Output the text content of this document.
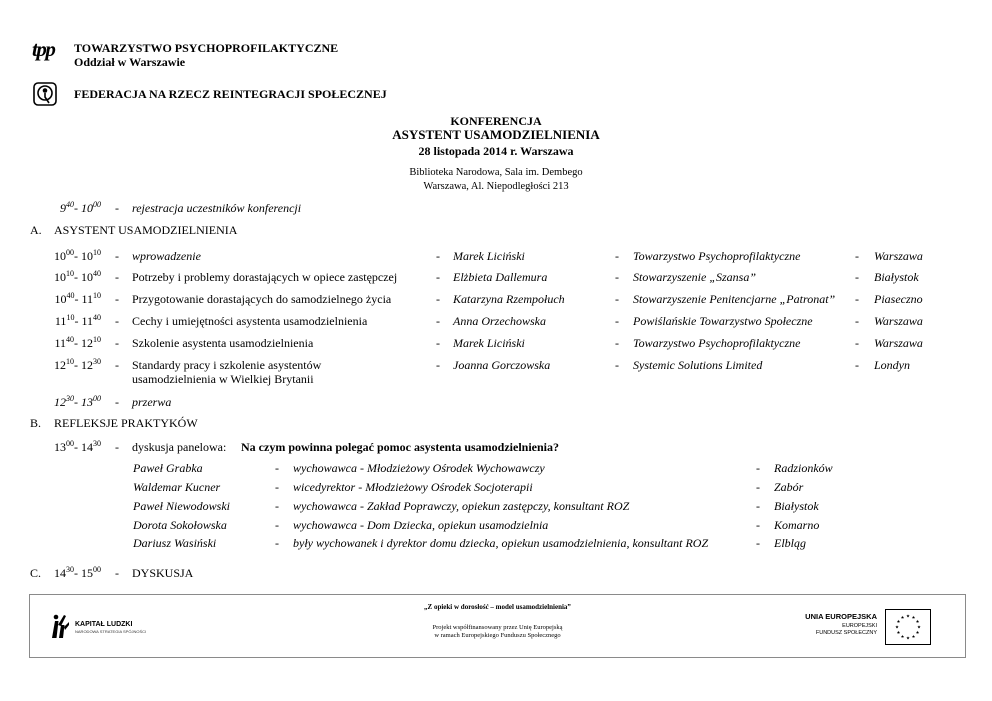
tpp	TOWARZYSTWO PSYCHOPROFILAKTYCZNE
Oddział w Warszawie
FEDERACJA NA RZECZ REINTEGRACJI SPOŁECZNEJ
KONFERENCJA
ASYSTENT USAMODZIELNIENIA
28 listopada 2014 r. Warszawa
Biblioteka Narodowa, Sala im. Dembego
Warszawa, Al. Niepodległości 213
$9^{40}-$ $10^{00}$ - rejestracja uczestników konferencji
A. ASYSTENT USAMODZIELNIENIA
$10^{00}-$ $10^{10}$ - wprowadzenie	- Marek Liciński	- Towarzystwo Psychoprofilaktyczne	- Warszawa
$10^{10}-$ $10^{40}$ - Potrzeby i problemy dorastających w opiece zastępczej	- Elżbieta Dallemura	- Stowarzyszenie „Szansa”	- Białystok
$10^{40}-$ $11^{10}$ - Przygotowanie dorastających do samodzielnego życia	- Katarzyna Rzempołuch	- Stowarzyszenie Penitencjarne „Patronat” - Piaseczno
$11^{10}-$ $11^{40}$ - Cechy i umiejętności asystenta usamodzielnienia	- Anna Orzechowska	- Powiślańskie Towarzystwo Społeczne	- Warszawa
$11^{40}-$ $12^{10}$ - Szkolenie asystenta usamodzielnienia	- Marek Liciński	- Towarzystwo Psychoprofilaktyczne	- Warszawa
$12^{10}-$ $12^{30}$ - Standardy pracy i szkolenie asystentów usamodzielnienia w Wielkiej Brytanii
- Joanna Gorczowska	- Systemic Solutions Limited	- Londyn
$12^{30}-$ $13^{00}$ - przerwa
B. REFLEKSJE PRAKTYKÓW
$13^{00}-$ $14^{30}$ - dyskusja panelowa: Na czym powinna polegać pomoc asystenta usamodzielnienia?
Paweł Grabka	- wychowawca - Młodzieżowy Ośrodek Wychowawczy	- Radzionków
Waldemar Kucner	- wicedyrektor - Młodzieżowy Ośrodek Socjoterapii	- Zabór
Paweł Niewodowski	- wychowawca - Zakład Poprawczy, opiekun zastępczy, konsultant ROZ	- Białystok
Dorota Sokołowska	- wychowawca - Dom Dziecka, opiekun usamodzielnia	- Komarno
Dariusz Wasiński	- były wychowanek i dyrektor domu dziecka, opiekun usamodzielnienia, konsultant ROZ	- Elbląg
C.	$14^{30}-$ $15^{00}$ - DYSKUSJA
KAPITAŁ LUDZKI
NARODOWA STRATEGIA SPÓJNOŚCI
„Z opieki w dorosłość – model usamodzielnienia”
Projekt współfinansowany przez Unię Europejską
w ramach Europejskiego Funduszu Społecznego
UNIA EUROPEJSKA
EUROPEJSKI
FUNDUSZ SPOŁECZNY
